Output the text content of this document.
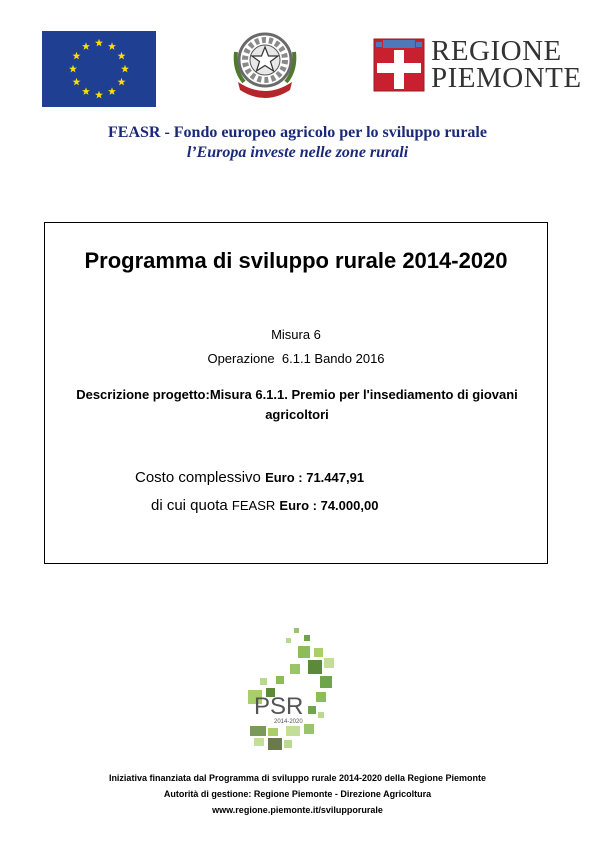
REGIONE
PIEMONTE
FEASR - Fondo europeo agricolo per lo sviluppo rurale
l’Europa investe nelle zone rurali
Programma di sviluppo rurale 2014-2020
Misura 6
Operazione  6.1.1 Bando 2016
Descrizione progetto:Misura 6.1.1. Premio per l'insediamento di giovani agricoltori
Costo complessivo Euro : 71.447,91
di cui quota FEASR Euro : 74.000,00
PSR
2014-2020
Iniziativa finanziata dal Programma di sviluppo rurale 2014-2020 della Regione Piemonte
Autorità di gestione: Regione Piemonte - Direzione Agricoltura
www.regione.piemonte.it/svilupporurale
